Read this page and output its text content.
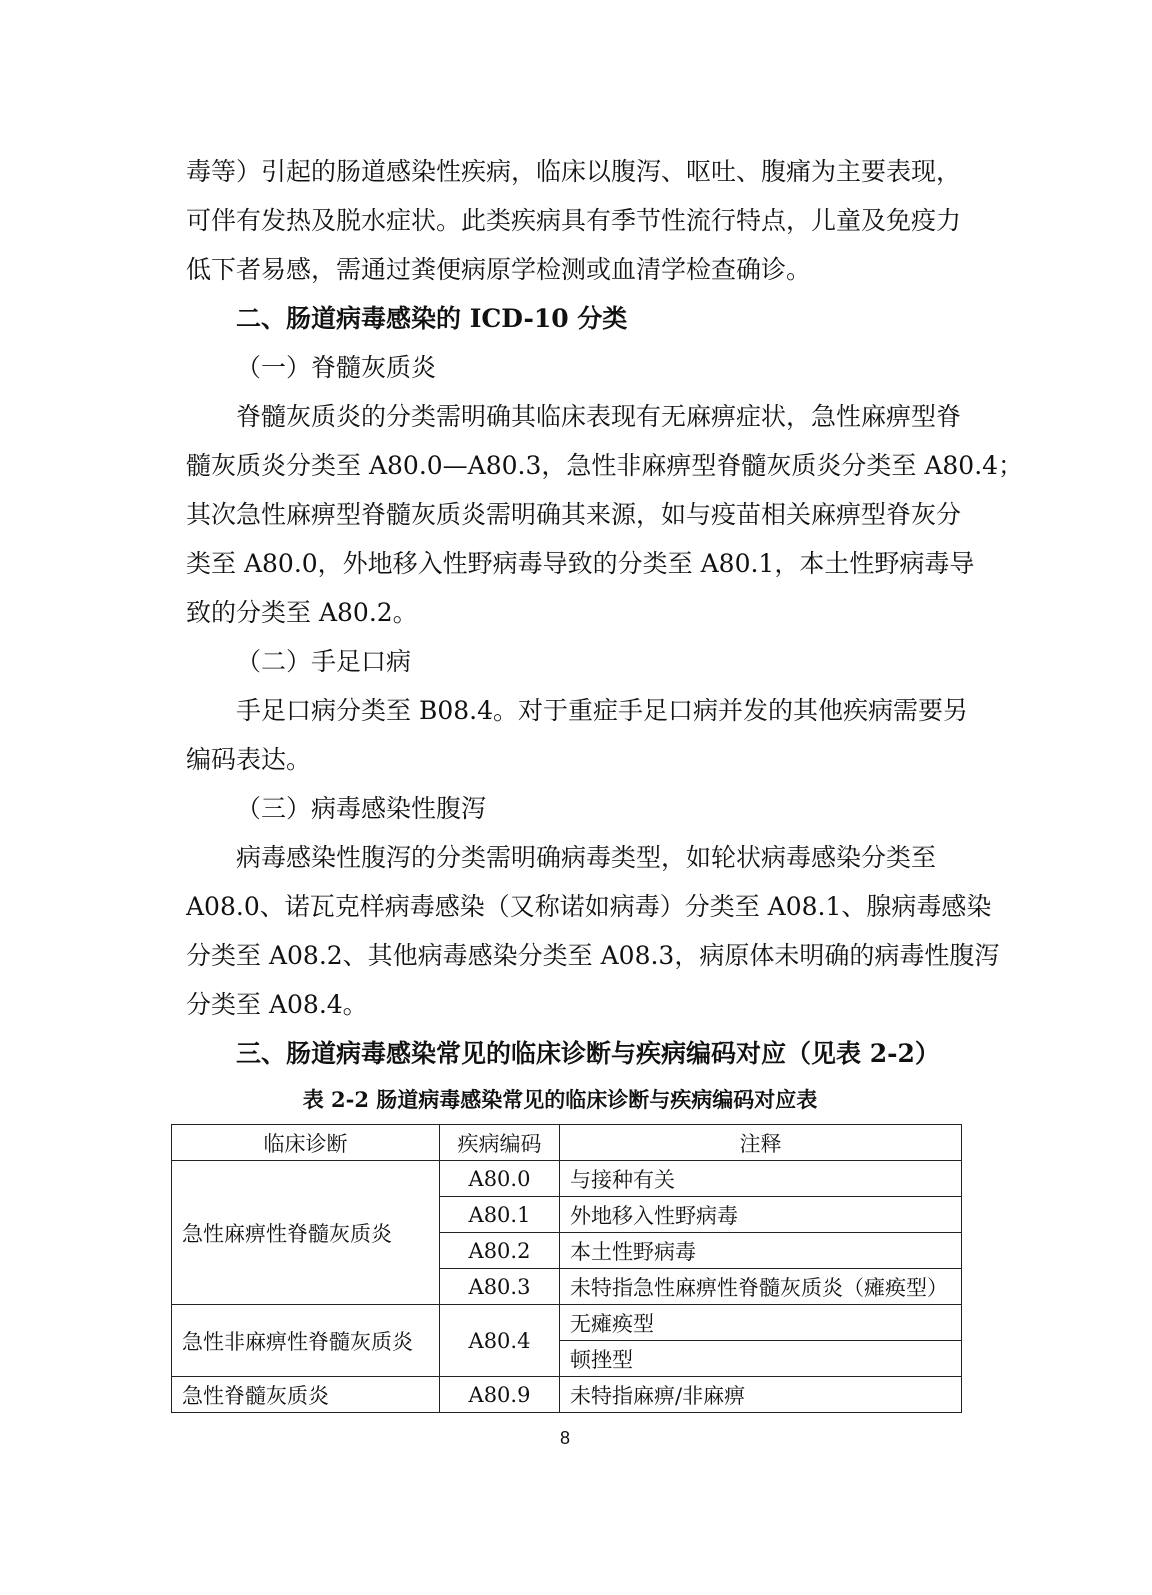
毒等）引起的肠道感染性疾病，临床以腹泻、呕吐、腹痛为主要表现，
可伴有发热及脱水症状。此类疾病具有季节性流行特点，儿童及免疫力
低下者易感，需通过粪便病原学检测或血清学检查确诊。
二、肠道病毒感染的 ICD-10 分类
（一）脊髓灰质炎
脊髓灰质炎的分类需明确其临床表现有无麻痹症状，急性麻痹型脊
髓灰质炎分类至 A80.0—A80.3，急性非麻痹型脊髓灰质炎分类至 A80.4；
其次急性麻痹型脊髓灰质炎需明确其来源，如与疫苗相关麻痹型脊灰分
类至 A80.0，外地移入性野病毒导致的分类至 A80.1，本土性野病毒导
致的分类至 A80.2。
（二）手足口病
手足口病分类至 B08.4。对于重症手足口病并发的其他疾病需要另
编码表达。
（三）病毒感染性腹泻
病毒感染性腹泻的分类需明确病毒类型，如轮状病毒感染分类至
A08.0、诺瓦克样病毒感染（又称诺如病毒）分类至 A08.1、腺病毒感染
分类至 A08.2、其他病毒感染分类至 A08.3，病原体未明确的病毒性腹泻
分类至 A08.4。
三、肠道病毒感染常见的临床诊断与疾病编码对应（见表 2-2）
表 2-2 肠道病毒感染常见的临床诊断与疾病编码对应表
临床诊断	疾病编码	注释
急性麻痹性脊髓灰质炎	A80.0	与接种有关
	A80.1	外地移入性野病毒
	A80.2	本土性野病毒
	A80.3	未特指急性麻痹性脊髓灰质炎（瘫痪型）
急性非麻痹性脊髓灰质炎	A80.4	无瘫痪型
		顿挫型
急性脊髓灰质炎	A80.9	未特指麻痹/非麻痹
8
